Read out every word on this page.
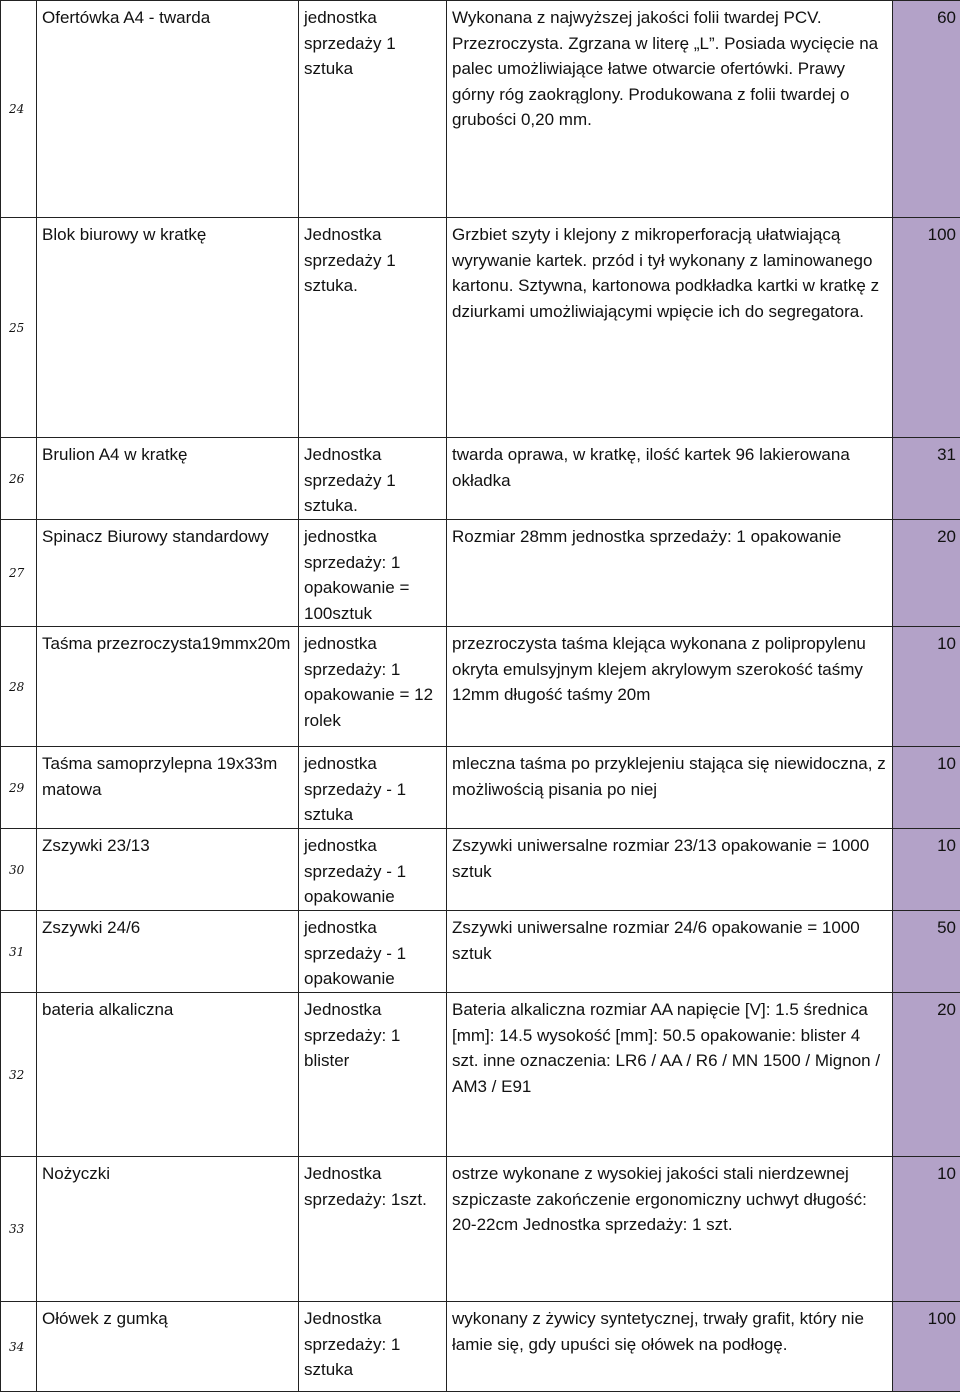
24	Ofertówka A4 - twarda	jednostka sprzedaży 1 sztuka	Wykonana z najwyższej jakości folii twardej PCV. Przezroczysta. Zgrzana w literę „L”. Posiada wycięcie na palec umożliwiające łatwe otwarcie ofertówki. Prawy górny róg zaokrąglony. Produkowana z folii twardej o grubości 0,20 mm.	60
25	Blok biurowy w kratkę	Jednostka sprzedaży 1 sztuka.	Grzbiet szyty i klejony z mikroperforacją ułatwiającą wyrywanie kartek. przód i tył wykonany z laminowanego kartonu. Sztywna, kartonowa podkładka kartki w kratkę z dziurkami umożliwiającymi wpięcie ich do segregatora.	100
26	Brulion A4 w kratkę	Jednostka sprzedaży 1 sztuka.	twarda oprawa, w kratkę, ilość kartek 96 lakierowana okładka	31
27	Spinacz Biurowy standardowy	jednostka sprzedaży: 1 opakowanie = 100sztuk	Rozmiar 28mm jednostka sprzedaży: 1 opakowanie	20
28	Taśma przezroczysta19mmx20m	jednostka sprzedaży: 1 opakowanie = 12 rolek	przezroczysta taśma klejąca wykonana z polipropylenu okryta emulsyjnym klejem akrylowym szerokość taśmy 12mm długość taśmy 20m	10
29	Taśma samoprzylepna 19x33m matowa	jednostka sprzedaży - 1 sztuka	mleczna taśma po przyklejeniu stająca się niewidoczna, z możliwością pisania po niej	10
30	Zszywki 23/13	jednostka sprzedaży - 1 opakowanie	Zszywki uniwersalne rozmiar 23/13 opakowanie = 1000 sztuk	10
31	Zszywki 24/6	jednostka sprzedaży - 1 opakowanie	Zszywki uniwersalne rozmiar 24/6 opakowanie = 1000 sztuk	50
32	bateria alkaliczna	Jednostka sprzedaży: 1 blister	Bateria alkaliczna rozmiar AA napięcie [V]: 1.5 średnica [mm]: 14.5 wysokość [mm]: 50.5 opakowanie: blister 4 szt. inne oznaczenia: LR6 / AA / R6 / MN 1500 / Mignon / AM3 / E91	20
33	Nożyczki	Jednostka sprzedaży: 1szt.	ostrze wykonane z wysokiej jakości stali nierdzewnej szpiczaste zakończenie ergonomiczny uchwyt długość: 20-22cm Jednostka sprzedaży: 1 szt.	10
34	Ołówek z gumką	Jednostka sprzedaży: 1 sztuka	wykonany z żywicy syntetycznej, trwały grafit, który nie łamie się, gdy upuści się ołówek na podłogę.	100
